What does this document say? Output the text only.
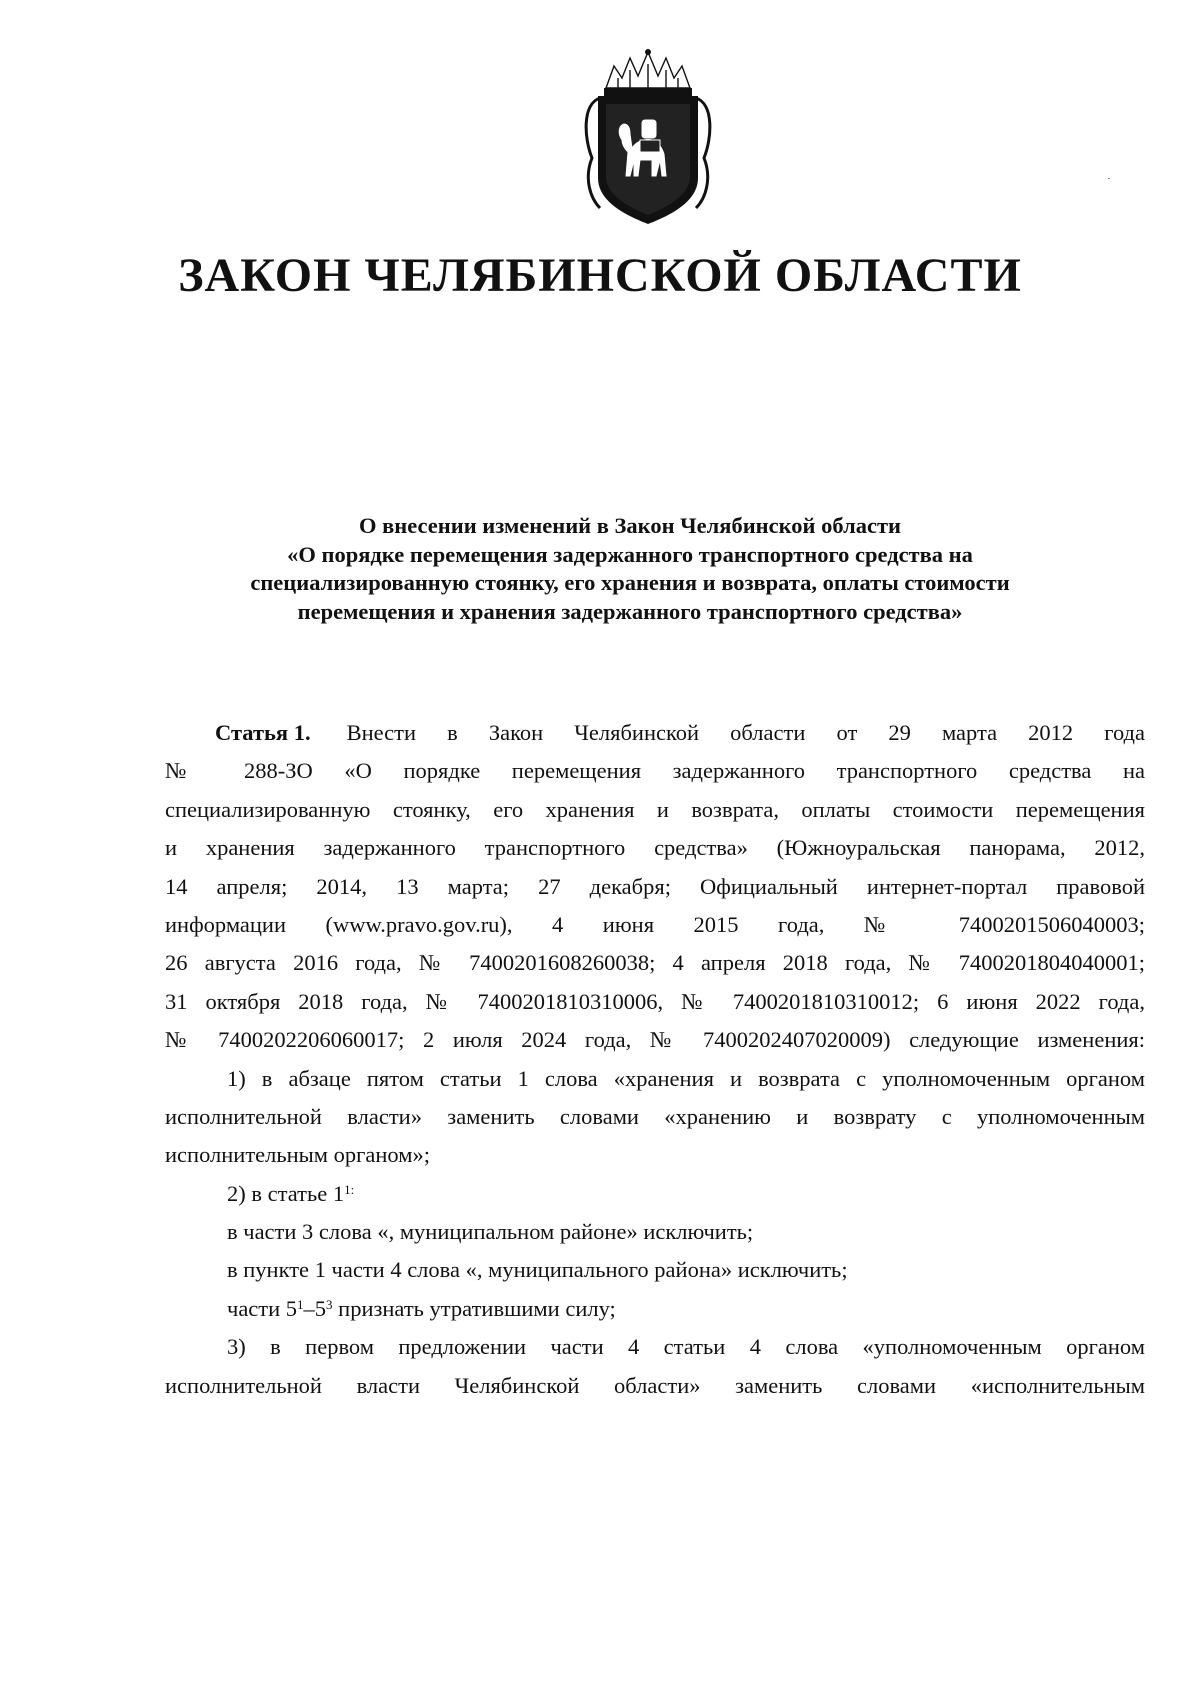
ЗАКОН ЧЕЛЯБИНСКОЙ ОБЛАСТИ
О внесении изменений в Закон Челябинской области
«О порядке перемещения задержанного транспортного средства на
специализированную стоянку, его хранения и возврата, оплаты стоимости
перемещения и хранения задержанного транспортного средства»
Статья 1. Внести в Закон Челябинской области от 29 марта 2012 года
№ 288-ЗО «О порядке перемещения задержанного транспортного средства на
специализированную стоянку, его хранения и возврата, оплаты стоимости перемещения
и хранения задержанного транспортного средства» (Южноуральская панорама, 2012,
14 апреля; 2014, 13 марта; 27 декабря; Официальный интернет-портал правовой
информации (www.pravo.gov.ru), 4 июня 2015 года, № 7400201506040003;
26 августа 2016 года, № 7400201608260038; 4 апреля 2018 года, № 7400201804040001;
31 октября 2018 года, № 7400201810310006, № 7400201810310012; 6 июня 2022 года,
№ 7400202206060017; 2 июля 2024 года, № 7400202407020009) следующие изменения:
1) в абзаце пятом статьи 1 слова «хранения и возврата с уполномоченным органом
исполнительной власти» заменить словами «хранению и возврату с уполномоченным
исполнительным органом»;
2) в статье $1^{1:}$
в части 3 слова «, муниципальном районе» исключить;
в пункте 1 части 4 слова «, муниципального района» исключить;
части $5^1$ $-5^3$ признать утратившими силу;
3) в первом предложении части 4 статьи 4 слова «уполномоченным органом
исполнительной власти Челябинской области» заменить словами «исполнительным
